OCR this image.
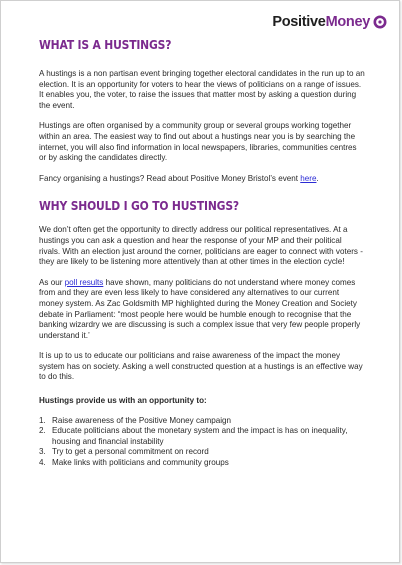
Positive Money
WHAT IS A HUSTINGS?

A hustings is a non partisan event bringing together electoral candidates in the run up to an election. It is an opportunity for voters to hear the views of politicians on a range of issues. It enables you, the voter, to raise the issues that matter most by asking a question during the event.

Hustings are often organised by a community group or several groups working together within an area. The easiest way to find out about a hustings near you is by searching the internet, you will also find information in local newspapers, libraries, communities centres or by asking the candidates directly.

Fancy organising a hustings? Read about Positive Money Bristol’s event here.

WHY SHOULD I GO TO HUSTINGS?

We don’t often get the opportunity to directly address our political representatives. At a hustings you can ask a question and hear the response of your MP and their political rivals. With an election just around the corner, politicians are eager to connect with voters - they are likely to be listening more attentively than at other times in the election cycle!

As our poll results have shown, many politicians do not understand where money comes from and they are even less likely to have considered any alternatives to our current money system. As Zac Goldsmith MP highlighted during the Money Creation and Society debate in Parliament: “most people here would be humble enough to recognise that the banking wizardry we are discussing is such a complex issue that very few people properly understand it.’

It is up to us to educate our politicians and raise awareness of the impact the money system has on society. Asking a well constructed question at a hustings is an effective way to do this.

Hustings provide us with an opportunity to:

1. Raise awareness of the Positive Money campaign
2. Educate politicians about the monetary system and the impact is has on inequality, housing and financial instability
3. Try to get a personal commitment on record
4. Make links with politicians and community groups
